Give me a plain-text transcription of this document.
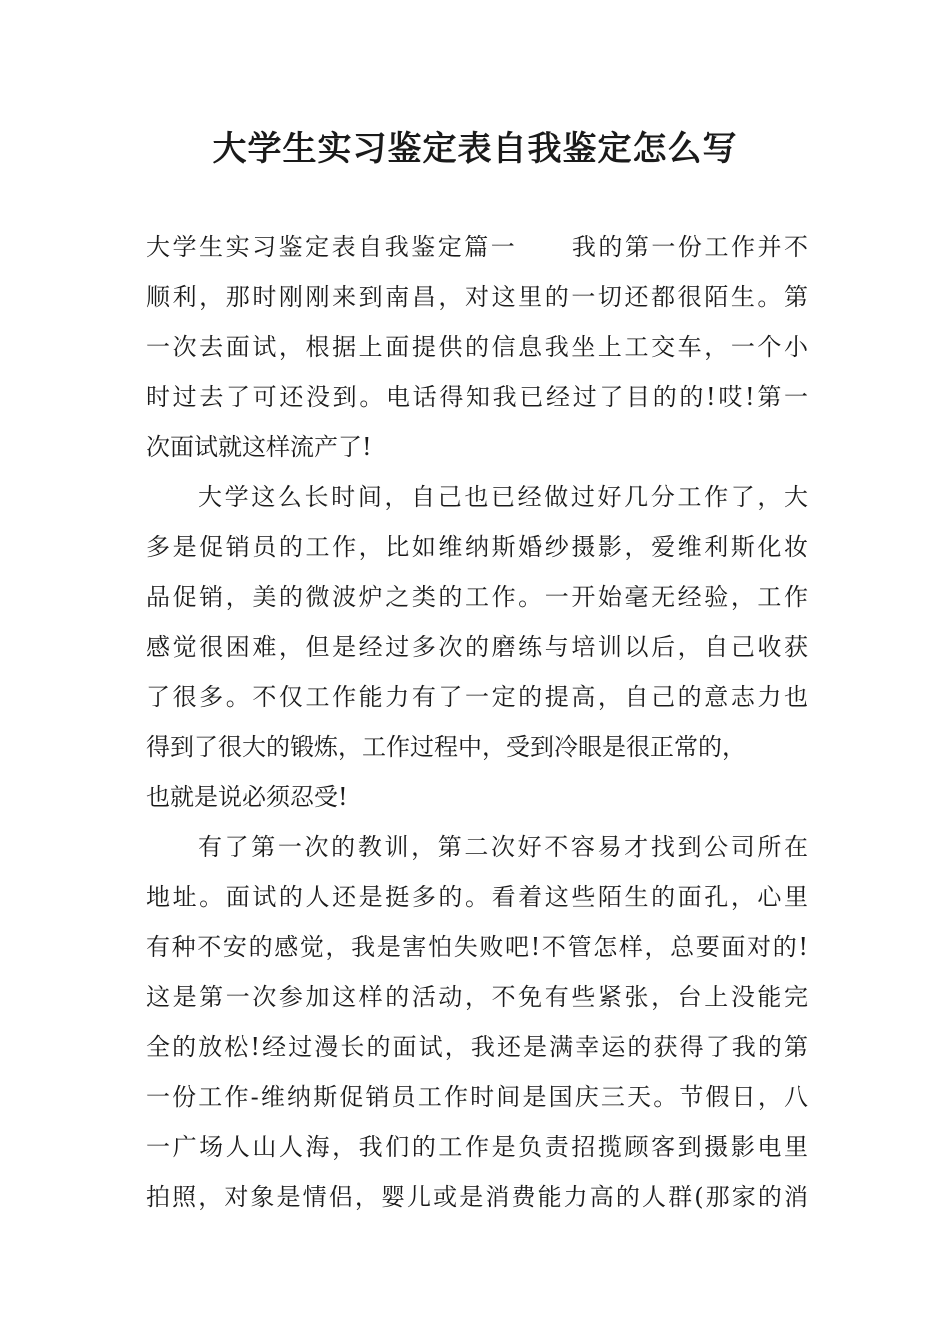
大学生实习鉴定表自我鉴定怎么写
大学生实习鉴定表自我鉴定篇一 我的第一份工作并不
顺利，那时刚刚来到南昌，对这里的一切还都很陌生。第
一次去面试，根据上面提供的信息我坐上工交车，一个小
时过去了可还没到。电话得知我已经过了目的的!哎!第一
次面试就这样流产了!
大学这么长时间，自己也已经做过好几分工作了，大
多是促销员的工作，比如维纳斯婚纱摄影，爱维利斯化妆
品促销，美的微波炉之类的工作。一开始毫无经验，工作
感觉很困难，但是经过多次的磨练与培训以后，自己收获
了很多。不仅工作能力有了一定的提高，自己的意志力也
得到了很大的锻炼，工作过程中，受到冷眼是很正常的，
也就是说必须忍受!
有了第一次的教训，第二次好不容易才找到公司所在
地址。面试的人还是挺多的。看着这些陌生的面孔，心里
有种不安的感觉，我是害怕失败吧!不管怎样，总要面对的!
这是第一次参加这样的活动，不免有些紧张，台上没能完
全的放松!经过漫长的面试，我还是满幸运的获得了我的第
一份工作-维纳斯促销员工作时间是国庆三天。节假日，八
一广场人山人海，我们的工作是负责招揽顾客到摄影电里
拍照，对象是情侣，婴儿或是消费能力高的人群(那家的消
